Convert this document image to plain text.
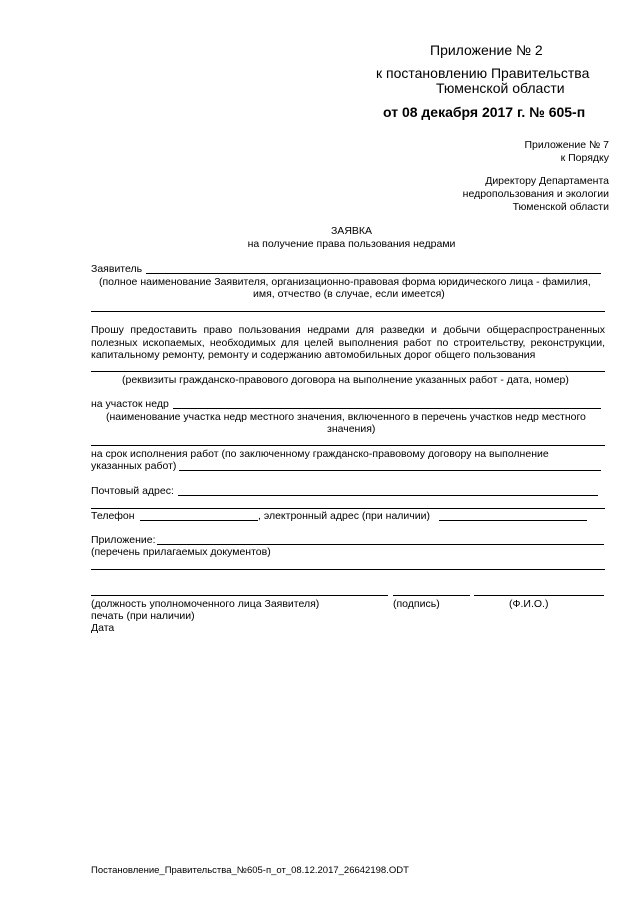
Приложение № 2
к постановлению Правительства
Тюменской области
от 08 декабря 2017 г. № 605-п
Приложение № 7
к Порядку
Директору Департамента
недропользования и экологии
Тюменской области
ЗАЯВКА
на получение права пользования недрами
Заявитель
(полное наименование Заявителя, организационно-правовая форма юридического лица - фамилия,
имя, отчество (в случае, если имеется)
Прошу предоставить право пользования недрами для разведки и добычи общераспространенных
полезных ископаемых, необходимых для целей выполнения работ по строительству, реконструкции,
капитальному ремонту, ремонту и содержанию автомобильных дорог общего пользования
(реквизиты гражданско-правового договора на выполнение указанных работ - дата, номер)
на участок недр
(наименование участка недр местного значения, включенного в перечень участков недр местного
значения)
на срок исполнения работ (по заключенному гражданско-правовому договору на выполнение
указанных работ)
Почтовый адрес:
Телефон	, электронный адрес (при наличии)
Приложение:
(перечень прилагаемых документов)
(должность уполномоченного лица Заявителя)	(подпись)	(Ф.И.О.)
печать (при наличии)
Дата
Постановление_Правительства_№605-п_от_08.12.2017_26642198.ODT
